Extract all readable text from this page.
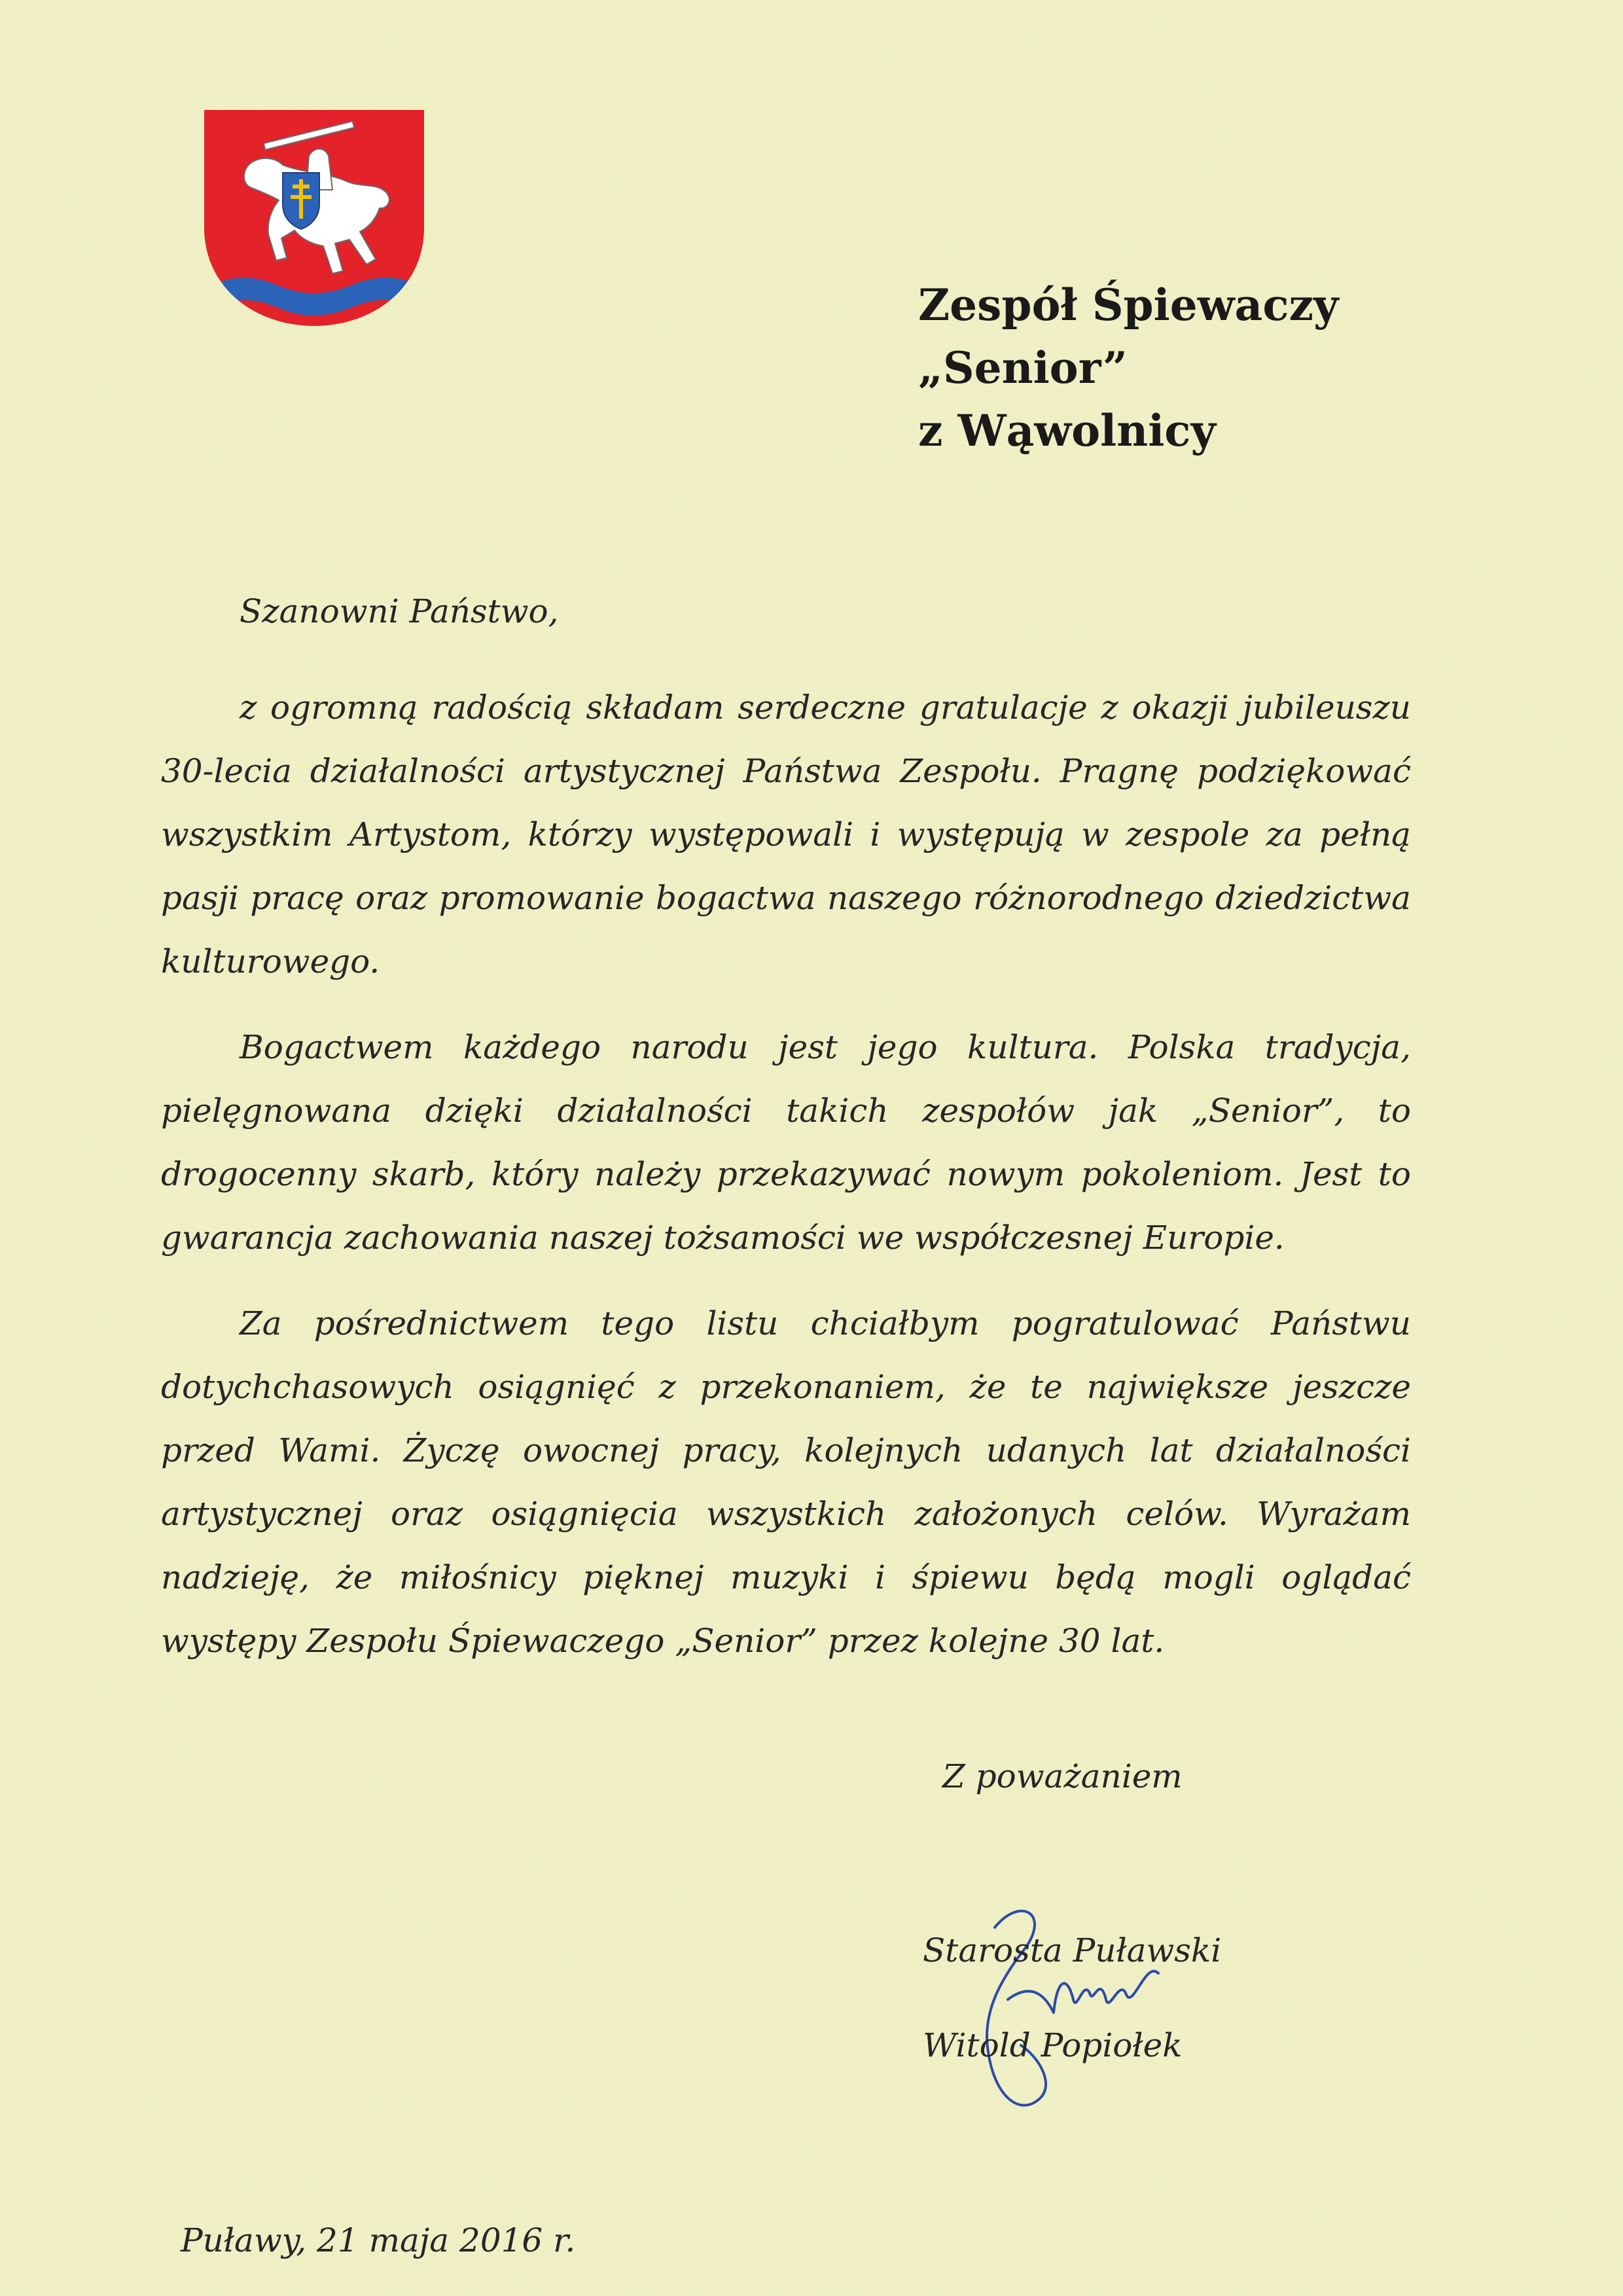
Zespół Śpiewaczy
„Senior”
z Wąwolnicy
Szanowni Państwo,

z ogromną radością składam serdeczne gratulacje z okazji jubileuszu 30-lecia działalności artystycznej Państwa Zespołu. Pragnę podziękować wszystkim Artystom, którzy występowali i występują w zespole za pełną pasji pracę oraz promowanie bogactwa naszego różnorodnego dziedzictwa kulturowego.

Bogactwem każdego narodu jest jego kultura. Polska tradycja, pielęgnowana dzięki działalności takich zespołów jak „Senior”, to drogocenny skarb, który należy przekazywać nowym pokoleniom. Jest to gwarancja zachowania naszej tożsamości we współczesnej Europie.

Za pośrednictwem tego listu chciałbym pogratulować Państwu dotychchasowych osiągnięć z przekonaniem, że te największe jeszcze przed Wami. Życzę owocnej pracy, kolejnych udanych lat działalności artystycznej oraz osiągnięcia wszystkich założonych celów. Wyrażam nadzieję, że miłośnicy pięknej muzyki i śpiewu będą mogli oglądać występy Zespołu Śpiewaczego „Senior” przez kolejne 30 lat.

Z poważaniem
Starosta Puławski
Witold Popiołek
Puławy, 21 maja 2016 r.
